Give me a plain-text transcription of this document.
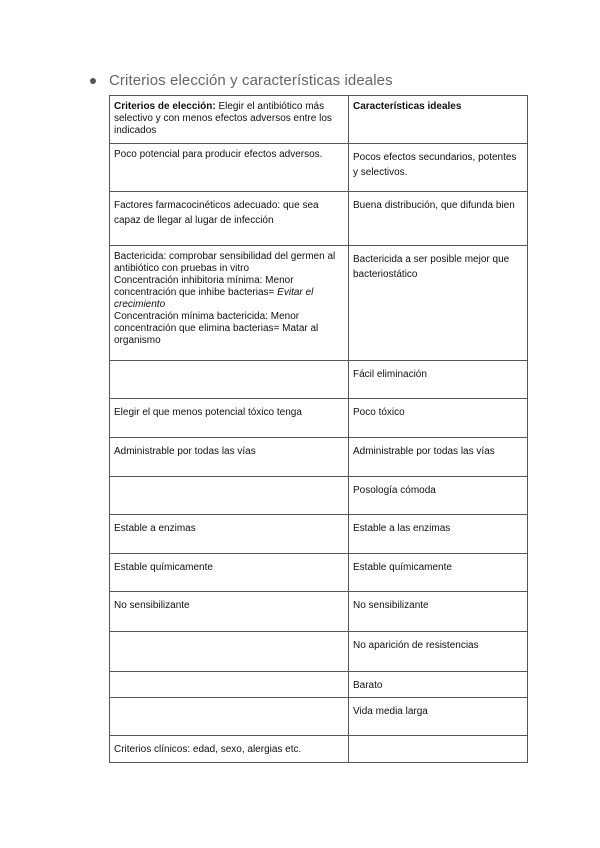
Criterios elección y características ideales
Criterios de elección: Elegir el antibiótico más selectivo y con menos efectos adversos entre los indicados	Características ideales
Poco potencial para producir efectos adversos.	Pocos efectos secundarios, potentes y selectivos.
Factores farmacocinéticos adecuado: que sea capaz de llegar al lugar de infección	Buena distribución, que difunda bien

Bactericida: comprobar sensibilidad del germen al antibiótico con pruebas in vitro
Concentración inhibitoria mínima: Menor concentración que inhibe bacterias= Evitar el crecimiento
Concentración mínima bactericida: Menor concentración que elimina bacterias= Matar al organismo	Bactericida a ser posible mejor que bacteriostático
	Fácil eliminación
Elegir el que menos potencial tóxico tenga	Poco tóxico
Administrable por todas las vías	Administrable por todas las vías
	Posología cómoda
Estable a enzimas	Estable a las enzimas
Estable químicamente	Estable químicamente
No sensibilizante	No sensibilizante
	No aparición de resistencias
	Barato
	Vida media larga
Criterios clínicos: edad, sexo, alergias etc.	
